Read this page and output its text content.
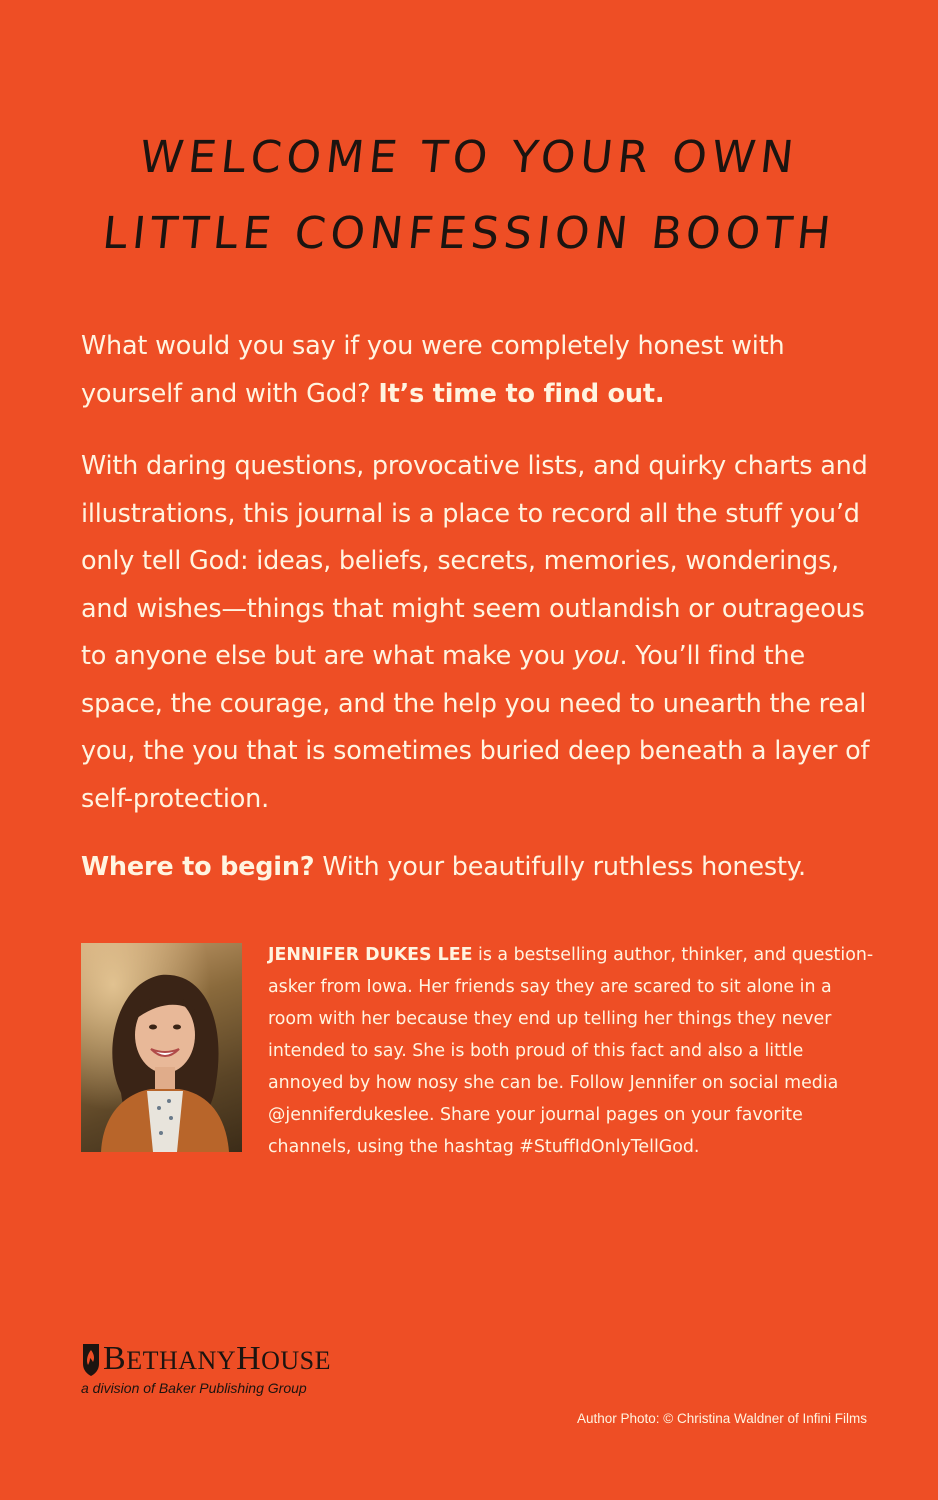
WELCOME TO YOUR OWN
LITTLE CONFESSION BOOTH

What would you say if you were completely honest with yourself and with God? It’s time to find out.

With daring questions, provocative lists, and quirky charts and illustrations, this journal is a place to record all the stuff you’d only tell God: ideas, beliefs, secrets, memories, wonderings, and wishes—things that might seem outlandish or outrageous to anyone else but are what make you you. You’ll find the space, the courage, and the help you need to unearth the real you, the you that is sometimes buried deep beneath a layer of self-protection.

Where to begin? With your beautifully ruthless honesty.

JENNIFER DUKES LEE is a bestselling author, thinker, and question-asker from Iowa. Her friends say they are scared to sit alone in a room with her because they end up telling her things they never intended to say. She is both proud of this fact and also a little annoyed by how nosy she can be. Follow Jennifer on social media @jenniferdukeslee. Share your journal pages on your favorite channels, using the hashtag #StuffIdOnlyTellGod.

BETHANYHOUSE
a division of Baker Publishing Group
Author Photo: © Christina Waldner of Infini Films
